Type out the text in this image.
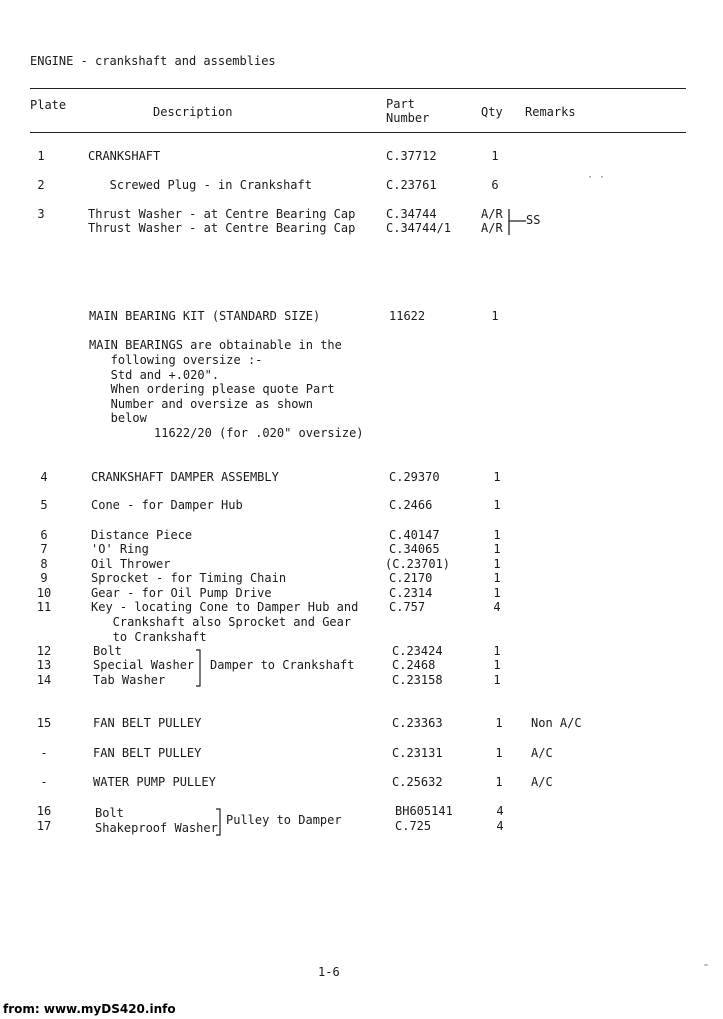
ENGINE - crankshaft and assemblies
Plate	Description
Part
Number	Qty Remarks
1	CRANKSHAFT	C.37712	1
2	Screwed Plug - in Crankshaft	C.23761	6
3	Thrust Washer - at Centre Bearing Cap	C.34744	A/R
Thrust Washer - at Centre Bearing Cap	C.34744/1 A/R
SS
MAIN BEARING KIT (STANDARD SIZE)	11622	1
MAIN BEARINGS are obtainable in the
following oversize :-
Std and +.020".
When ordering please quote Part
Number and oversize as shown
below
11622/20 (for .020" oversize)
4	CRANKSHAFT DAMPER ASSEMBLY	C.29370	1
5	Cone - for Damper Hub	C.2466	1
6	Distance Piece	C.40147	1
7	'O' Ring	C.34065	1
8	Oil Thrower	(C.23701)	1
9	Sprocket - for Timing Chain	C.2170	1
10	Gear - for Oil Pump Drive	C.2314	1
11	Key - locating Cone to Damper Hub and	C.757	4
Crankshaft also Sprocket and Gear
to Crankshaft
12	Bolt	C.23424	1
13	Special Washer	C.2468	1
14	Tab Washer	C.23158	1
Damper to Crankshaft
15	FAN BELT PULLEY	C.23363	1	Non A/C
-	FAN BELT PULLEY	C.23131	1	A/C
-	WATER PUMP PULLEY	C.25632	1	A/C
16	Bolt	BH605141	4
17	Shakeproof Washer	C.725	4
Pulley to Damper
1-6
from: www.myDS420.info
· ·
⁼
